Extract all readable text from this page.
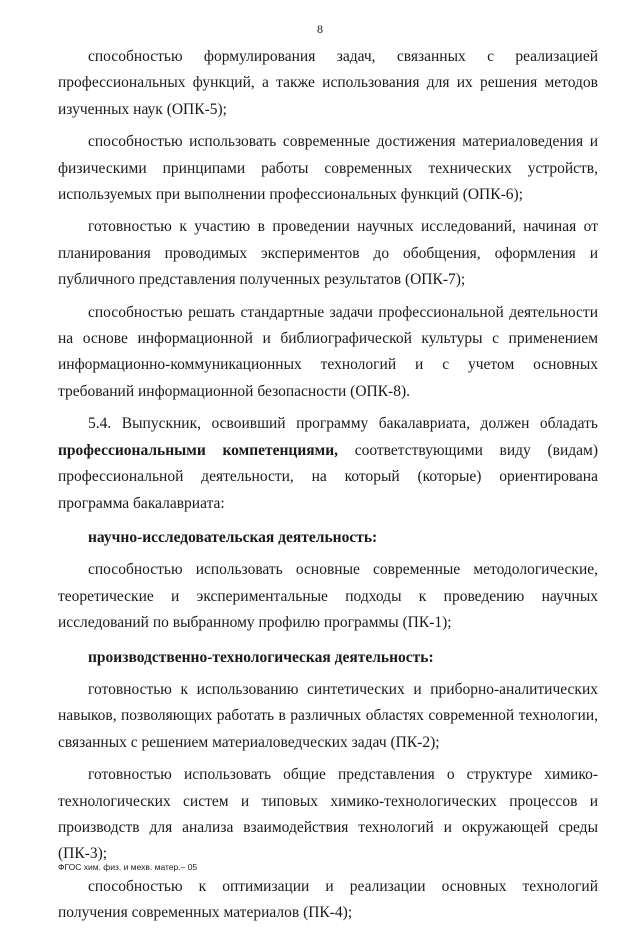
8

способностью формулирования задач, связанных с реализацией профессиональных функций, а также использования для их решения методов изученных наук (ОПК-5);

способностью использовать современные достижения материаловедения и физическими принципами работы современных технических устройств, используемых при выполнении профессиональных функций (ОПК-6);

готовностью к участию в проведении научных исследований, начиная от планирования проводимых экспериментов до обобщения, оформления и публичного представления полученных результатов (ОПК-7);

способностью решать стандартные задачи профессиональной деятельности на основе информационной и библиографической культуры с применением информационно-коммуникационных технологий и с учетом основных требований информационной безопасности (ОПК-8).

5.4. Выпускник, освоивший программу бакалавриата, должен обладать профессиональными компетенциями, соответствующими виду (видам) профессиональной деятельности, на который (которые) ориентирована программа бакалавриата:

научно-исследовательская деятельность:

способностью использовать основные современные методологические, теоретические и экспериментальные подходы к проведению научных исследований по выбранному профилю программы (ПК-1);

производственно-технологическая деятельность:

готовностью к использованию синтетических и приборно-аналитических навыков, позволяющих работать в различных областях современной технологии, связанных с решением материаловедческих задач (ПК-2);

готовностью использовать общие представления о структуре химико-технологических систем и типовых химико-технологических процессов и производств для анализа взаимодействия технологий и окружающей среды (ПК-3);

способностью к оптимизации и реализации основных технологий получения современных материалов (ПК-4);

ФГОС хим. физ. и мехв. матер.– 05
